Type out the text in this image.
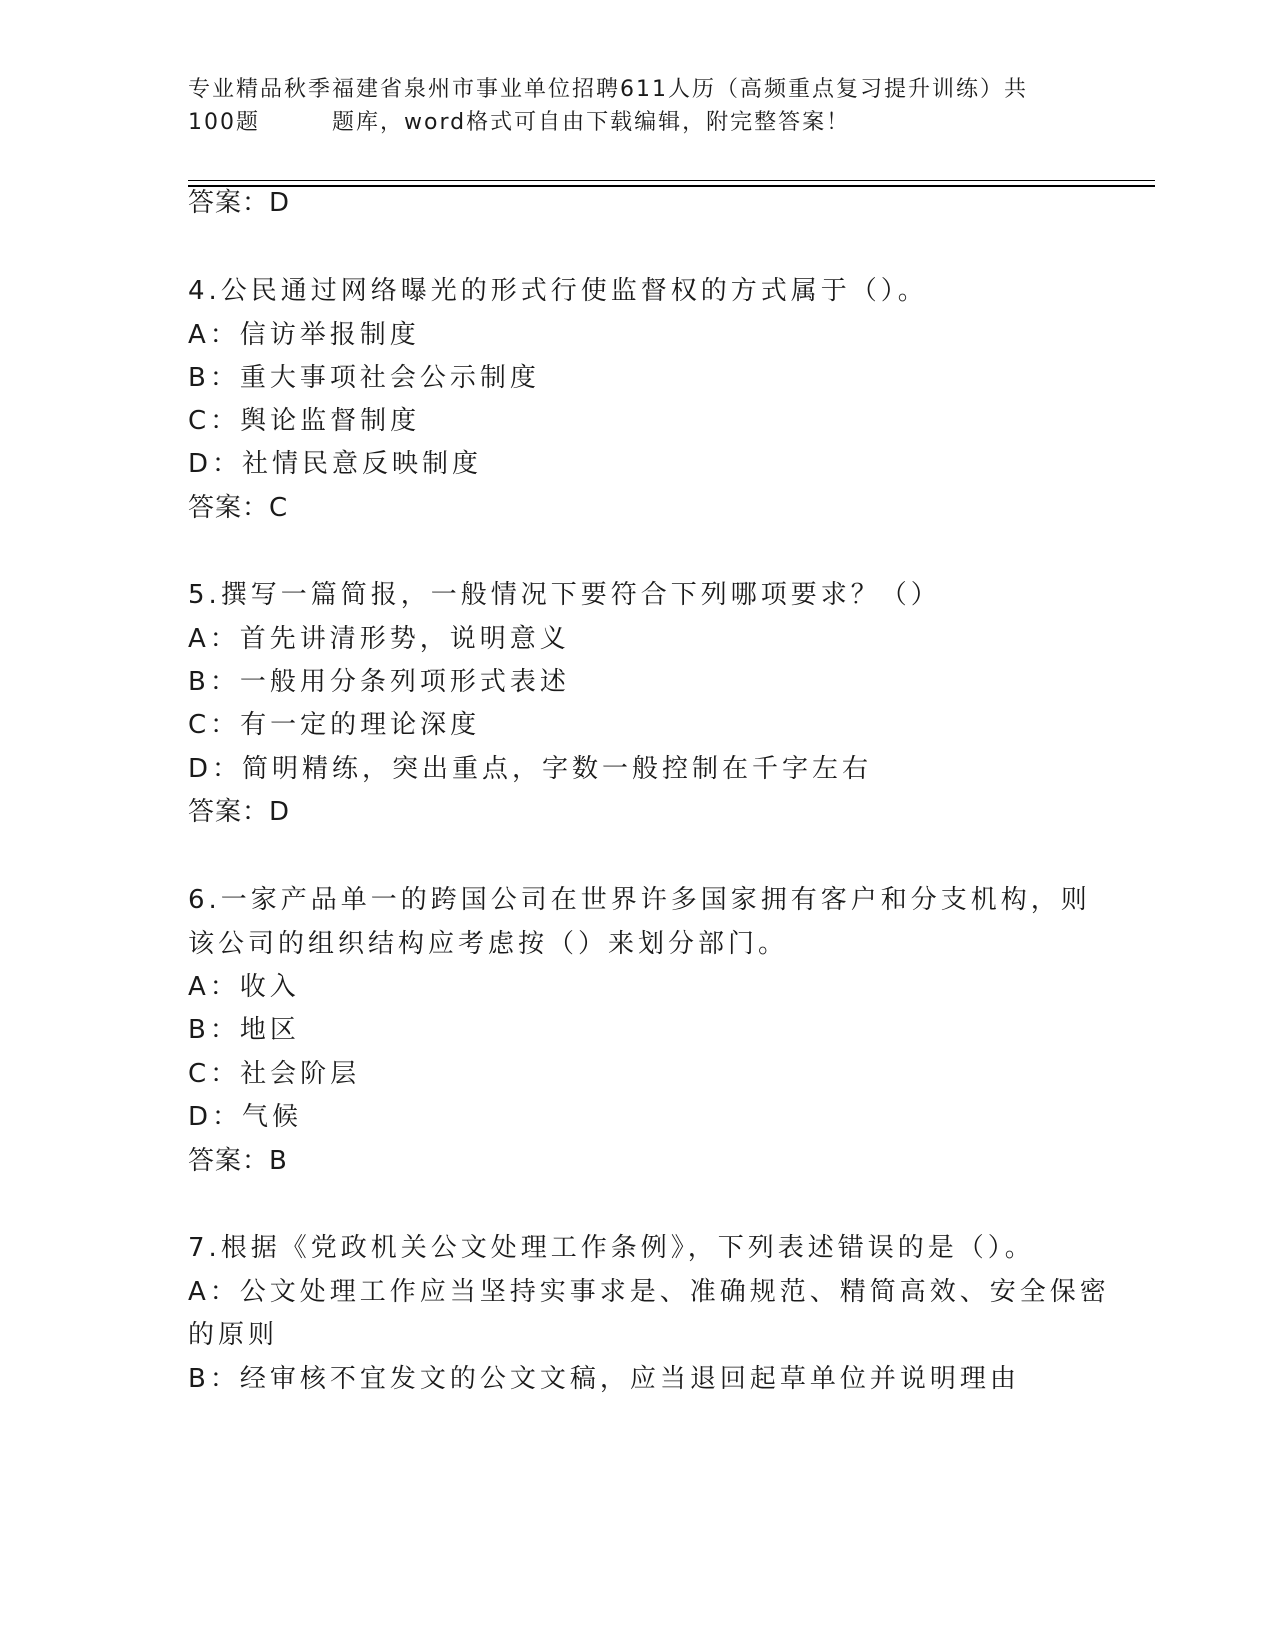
专业精品秋季福建省泉州市事业单位招聘611人历（高频重点复习提升训练）共
100题	题库，word格式可自由下载编辑，附完整答案！
答案：D
4.公民通过网络曝光的形式行使监督权的方式属于（）。
A：信访举报制度
B：重大事项社会公示制度
C：舆论监督制度
D：社情民意反映制度
答案：C
5.撰写一篇简报，一般情况下要符合下列哪项要求？（）
A：首先讲清形势，说明意义
B：一般用分条列项形式表述
C：有一定的理论深度
D：简明精练，突出重点，字数一般控制在千字左右
答案：D
6.一家产品单一的跨国公司在世界许多国家拥有客户和分支机构，则
该公司的组织结构应考虑按（）来划分部门。
A：收入
B：地区
C：社会阶层
D：气候
答案：B
7.根据《党政机关公文处理工作条例》，下列表述错误的是（）。
A：公文处理工作应当坚持实事求是、准确规范、精简高效、安全保密
的原则
B：经审核不宜发文的公文文稿，应当退回起草单位并说明理由
